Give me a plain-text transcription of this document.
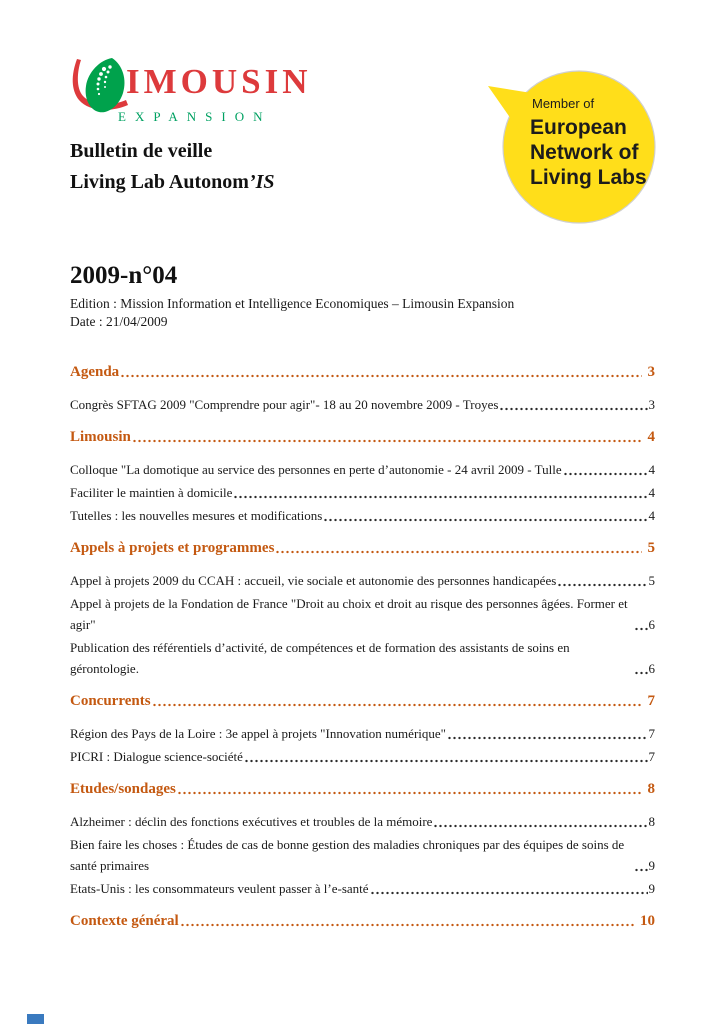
IMOUSIN
EXPANSION
Member of
European
Network of
Living Labs
Bulletin de veille
Living Lab Autonom’IS
2009-n°04

Edition : Mission Information et Intelligence Economiques – Limousin Expansion

Date : 21/04/2009

Agenda	3
Congrès SFTAG 2009 "Comprendre pour agir"- 18 au 20 novembre 2009 - Troyes	3
Limousin	4
Colloque "La domotique au service des personnes en perte d’autonomie - 24 avril 2009 - Tulle	4
Faciliter le maintien à domicile	4
Tutelles : les nouvelles mesures et modifications	4
Appels à projets et programmes	5
Appel à projets 2009 du CCAH : accueil, vie sociale et autonomie des personnes handicapées	5
Appel à projets de la Fondation de France "Droit au choix et droit au risque des personnes âgées. Former et agir"	6
Publication des référentiels d’activité, de compétences et de formation des assistants de soins en gérontologie.	6
Concurrents	7
Région des Pays de la Loire : 3e appel à projets "Innovation numérique"	7
PICRI : Dialogue science-société	7
Etudes/sondages	8
Alzheimer : déclin des fonctions exécutives et troubles de la mémoire	8
Bien faire les choses : Études de cas de bonne gestion des maladies chroniques par des équipes de soins de santé primaires	9
Etats-Unis : les consommateurs veulent passer à l’e-santé	9
Contexte général	10
